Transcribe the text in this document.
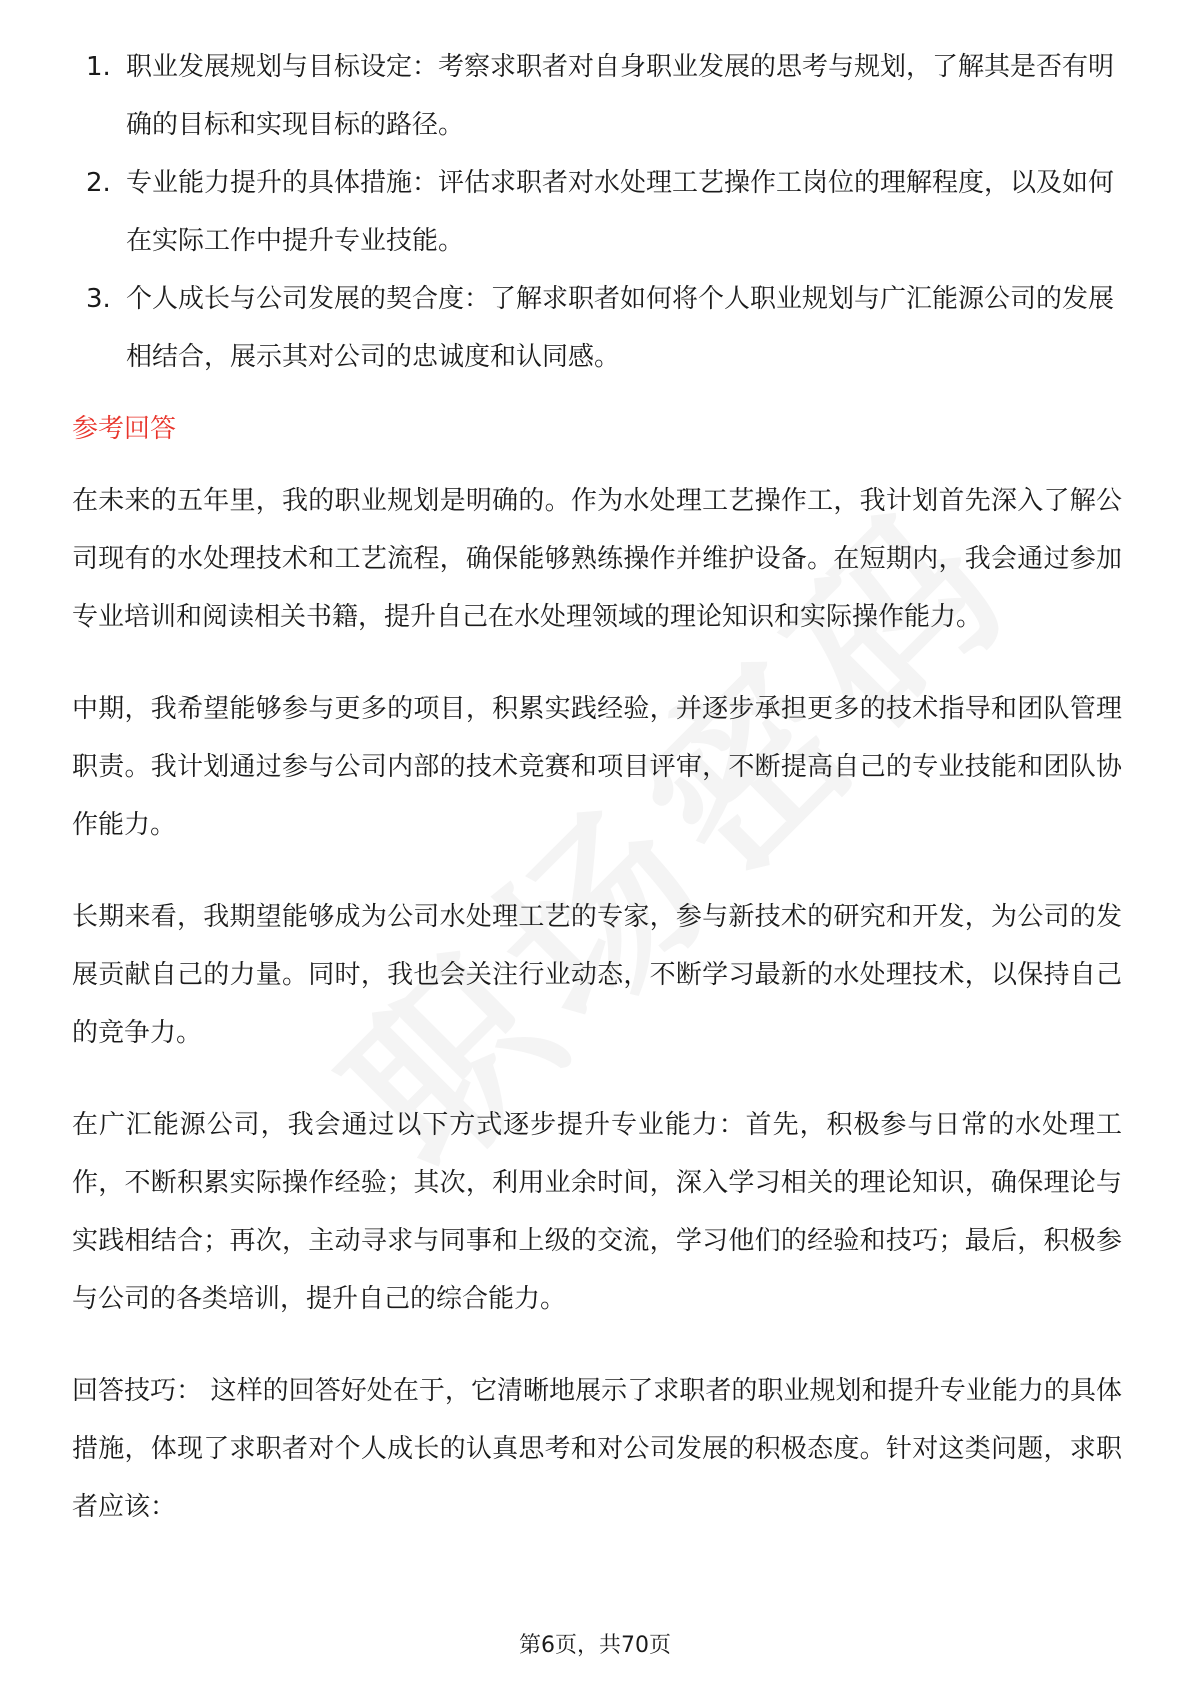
1. 职业发展规划与目标设定：考察求职者对自身职业发展的思考与规划，了解其是否有明确的目标和实现目标的路径。
2. 专业能力提升的具体措施：评估求职者对水处理工艺操作工岗位的理解程度，以及如何在实际工作中提升专业技能。
3. 个人成长与公司发展的契合度：了解求职者如何将个人职业规划与广汇能源公司的发展相结合，展示其对公司的忠诚度和认同感。
参考回答

在未来的五年里，我的职业规划是明确的。作为水处理工艺操作工，我计划首先深入了解公司现有的水处理技术和工艺流程，确保能够熟练操作并维护设备。在短期内，我会通过参加专业培训和阅读相关书籍，提升自己在水处理领域的理论知识和实际操作能力。

中期，我希望能够参与更多的项目，积累实践经验，并逐步承担更多的技术指导和团队管理职责。我计划通过参与公司内部的技术竞赛和项目评审，不断提高自己的专业技能和团队协作能力。

长期来看，我期望能够成为公司水处理工艺的专家，参与新技术的研究和开发，为公司的发展贡献自己的力量。同时，我也会关注行业动态，不断学习最新的水处理技术，以保持自己的竞争力。

在广汇能源公司，我会通过以下方式逐步提升专业能力：首先，积极参与日常的水处理工作，不断积累实际操作经验；其次，利用业余时间，深入学习相关的理论知识，确保理论与实践相结合；再次，主动寻求与同事和上级的交流，学习他们的经验和技巧；最后，积极参与公司的各类培训，提升自己的综合能力。

回答技巧： 这样的回答好处在于，它清晰地展示了求职者的职业规划和提升专业能力的具体措施，体现了求职者对个人成长的认真思考和对公司发展的积极态度。针对这类问题，求职者应该：

第6页，共70页
